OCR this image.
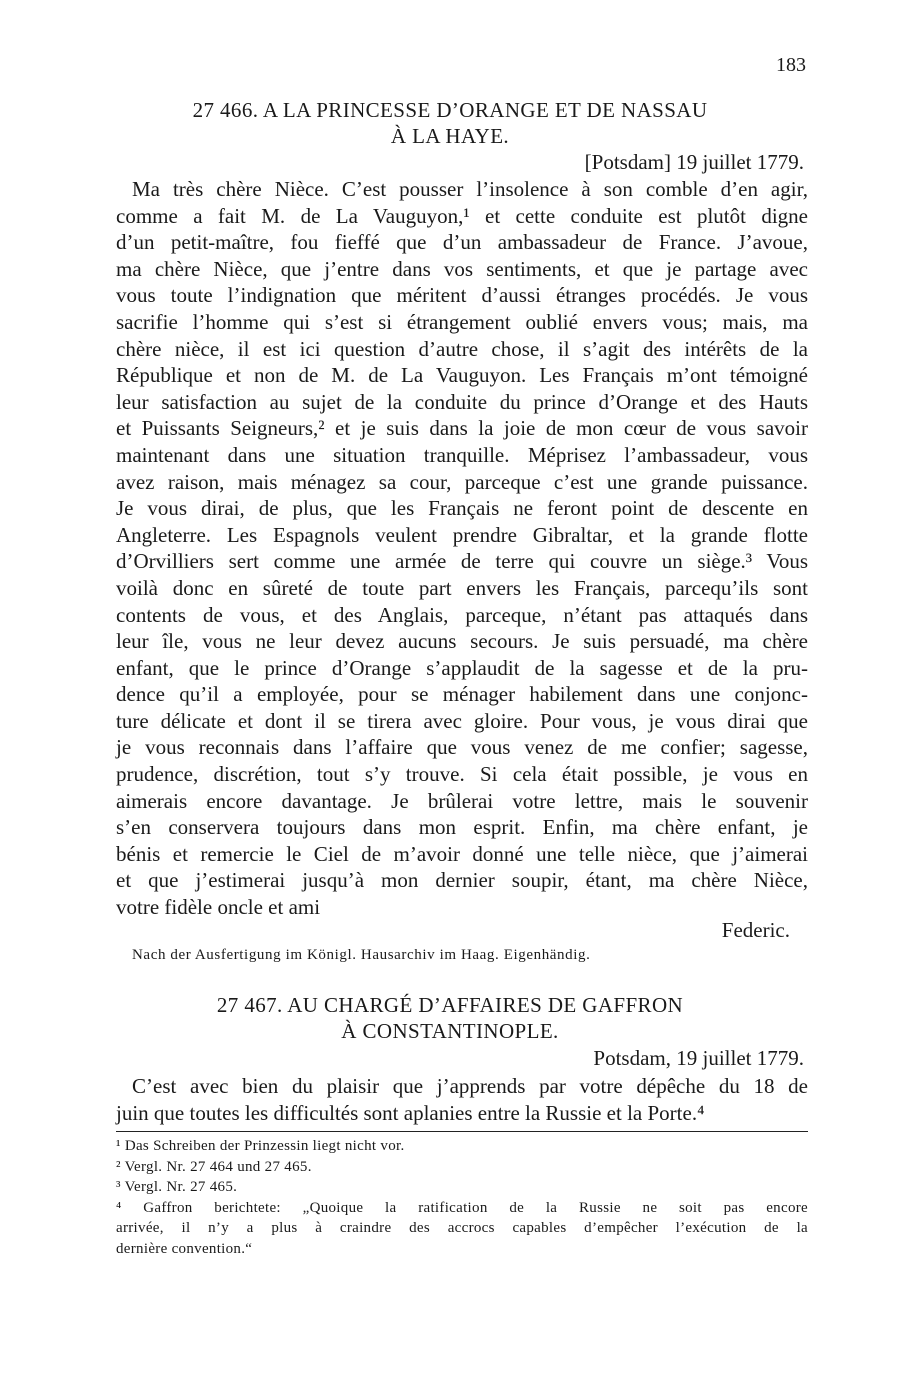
183
27 466. A LA PRINCESSE D’ORANGE ET DE NASSAU
À LA HAYE.
[Potsdam] 19 juillet 1779.
Ma très chère Nièce. C’est pousser l’insolence à son comble d’en agir,
comme a fait M. de La Vauguyon,¹ et cette conduite est plutôt digne
d’un petit-maître, fou fieffé que d’un ambassadeur de France. J’avoue,
ma chère Nièce, que j’entre dans vos sentiments, et que je partage avec
vous toute l’indignation que méritent d’aussi étranges procédés. Je vous
sacrifie l’homme qui s’est si étrangement oublié envers vous; mais, ma
chère nièce, il est ici question d’autre chose, il s’agit des intérêts de la
République et non de M. de La Vauguyon. Les Français m’ont témoigné
leur satisfaction au sujet de la conduite du prince d’Orange et des Hauts
et Puissants Seigneurs,² et je suis dans la joie de mon cœur de vous savoir
maintenant dans une situation tranquille. Méprisez l’ambassadeur, vous
avez raison, mais ménagez sa cour, parceque c’est une grande puissance.
Je vous dirai, de plus, que les Français ne feront point de descente en
Angleterre. Les Espagnols veulent prendre Gibraltar, et la grande flotte
d’Orvilliers sert comme une armée de terre qui couvre un siège.³ Vous
voilà donc en sûreté de toute part envers les Français, parcequ’ils sont
contents de vous, et des Anglais, parceque, n’étant pas attaqués dans
leur île, vous ne leur devez aucuns secours. Je suis persuadé, ma chère
enfant, que le prince d’Orange s’applaudit de la sagesse et de la pru-
dence qu’il a employée, pour se ménager habilement dans une conjonc-
ture délicate et dont il se tirera avec gloire. Pour vous, je vous dirai que
je vous reconnais dans l’affaire que vous venez de me confier; sagesse,
prudence, discrétion, tout s’y trouve. Si cela était possible, je vous en
aimerais encore davantage. Je brûlerai votre lettre, mais le souvenir
s’en conservera toujours dans mon esprit. Enfin, ma chère enfant, je
bénis et remercie le Ciel de m’avoir donné une telle nièce, que j’aimerai
et que j’estimerai jusqu’à mon dernier soupir, étant, ma chère Nièce,
votre fidèle oncle et ami
Federic.
Nach der Ausfertigung im Königl. Hausarchiv im Haag. Eigenhändig.
27 467. AU CHARGÉ D’AFFAIRES DE GAFFRON
À CONSTANTINOPLE.
Potsdam, 19 juillet 1779.
C’est avec bien du plaisir que j’apprends par votre dépêche du 18 de
juin que toutes les difficultés sont aplanies entre la Russie et la Porte.⁴
¹ Das Schreiben der Prinzessin liegt nicht vor.
² Vergl. Nr. 27 464 und 27 465.
³ Vergl. Nr. 27 465.
⁴ Gaffron berichtete: „Quoique la ratification de la Russie ne soit pas encore
arrivée, il n’y a plus à craindre des accrocs capables d’empêcher l’exécution de la
dernière convention.“
